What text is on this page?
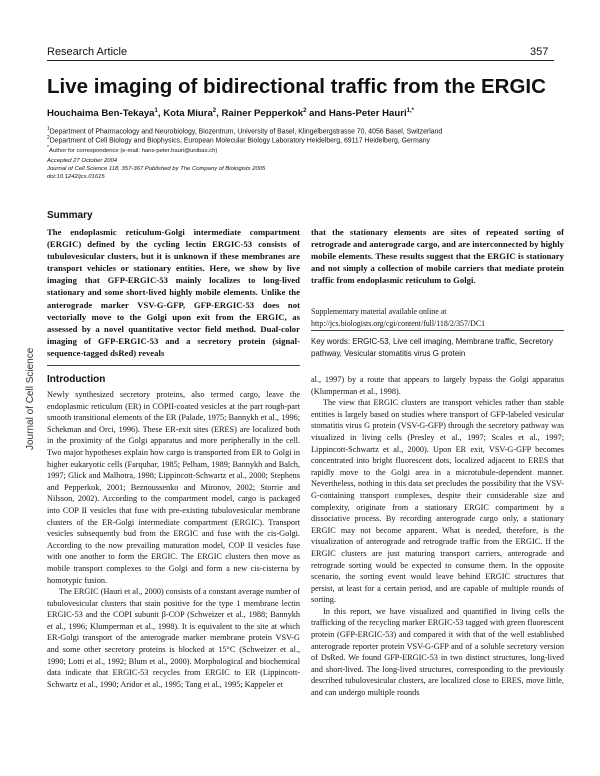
Research Article	357
Live imaging of bidirectional traffic from the ERGIC
Houchaima Ben-Tekaya$^1$, Kota Miura$^2$, Rainer Pepperkok$^2$ and Hans-Peter Hauri$^{1,*}$
$^1$Department of Pharmacology and Neurobiology, Biozentrum, University of Basel, Klingelbergstrasse 70, 4056 Basel, Switzerland
$^2$Department of Cell Biology and Biophysics, European Molecular Biology Laboratory Heidelberg, 69117 Heidelberg, Germany
*Author for correspondence (e-mail: hans-peter.hauri@unibas.ch)
Accepted 27 October 2004
Journal of Cell Science 118, 357-367 Published by The Company of Biologists 2005
doi:10.1242/jcs.01615
Summary
The endoplasmic reticulum-Golgi intermediate compartment (ERGIC) defined by the cycling lectin ERGIC-53 consists of tubulovesicular clusters, but it is unknown if these membranes are transport vehicles or stationary entities. Here, we show by live imaging that GFP-ERGIC-53 mainly localizes to long-lived stationary and some short-lived highly mobile elements. Unlike the anterograde marker VSV-G-GFP, GFP-ERGIC-53 does not vectorially move to the Golgi upon exit from the ERGIC, as assessed by a novel quantitative vector field method. Dual-color imaging of GFP-ERGIC-53 and a secretory protein (signal-sequence-tagged dsRed) reveals
that the stationary elements are sites of repeated sorting of retrograde and anterograde cargo, and are interconnected by highly mobile elements. These results suggest that the ERGIC is stationary and not simply a collection of mobile carriers that mediate protein traffic from endoplasmic reticulum to Golgi.
Supplementary material available online at
http://jcs.biologists.org/cgi/content/full/118/2/357/DC1
Key words: ERGIC-53, Live cell imaging, Membrane traffic, Secretory pathway, Vesicular stomatitis virus G protein
Journal of Cell Science Introduction

Newly synthesized secretory proteins, also termed cargo, leave the endoplasmic reticulum (ER) in COPII-coated vesicles at the part rough-part smooth transitional elements of the ER (Palade, 1975; Bannykh et al., 1996; Schekman and Orci, 1996). These ER-exit sites (ERES) are localized both in the proximity of the Golgi apparatus and more peripherally in the cell. Two major hypotheses explain how cargo is transported from ER to Golgi in higher eukaryotic cells (Farquhar, 1985; Pelham, 1989; Bannykh and Balch, 1997; Glick and Malhotra, 1998; Lippincott-Schwartz et al., 2000; Stephens and Pepperkok, 2001; Beznoussenko and Mironov, 2002; Storrie and Nilsson, 2002). According to the compartment model, cargo is packaged into COP II vesicles that fuse with pre-existing tubulovesicular membrane clusters of the ER-Golgi intermediate compartment (ERGIC). Transport vesicles subsequently bud from the ERGIC and fuse with the cis-Golgi. According to the now prevailing maturation model, COP II vesicles fuse with one another to form the ERGIC. The ERGIC clusters then move as mobile transport complexes to the Golgi and form a new cis-cisterna by homotypic fusion.

The ERGIC (Hauri et al., 2000) consists of a constant average number of tubulovesicular clusters that stain positive for the type 1 membrane lectin ERGIC-53 and the COPI subunit β-COP (Schweizer et al., 1988; Bannykh et al., 1996; Klumperman et al., 1998). It is equivalent to the site at which ER-Golgi transport of the anterograde marker membrane protein VSV-G and some other secretory proteins is blocked at 15°C (Schweizer et al., 1990; Lotti et al., 1992; Blum et al., 2000). Morphological and biochemical data indicate that ERGIC-53 recycles from ERGIC to ER (Lippincott-Schwartz et al., 1990; Aridor et al., 1995; Tang et al., 1995; Kappeler et

al., 1997) by a route that appears to largely bypass the Golgi apparatus (Klumperman et al., 1998).

The view that ERGIC clusters are transport vehicles rather than stable entities is largely based on studies where transport of GFP-labeled vesicular stomatitis virus G protein (VSV-G-GFP) through the secretory pathway was visualized in living cells (Presley et al., 1997; Scales et al., 1997; Lippincott-Schwartz et al., 2000). Upon ER exit, VSV-G-GFP becomes concentrated into bright fluorescent dots, localized adjacent to ERES that rapidly move to the Golgi area in a microtubule-dependent manner. Nevertheless, nothing in this data set precludes the possibility that the VSV-G-containing transport complexes, despite their considerable size and complexity, originate from a stationary ERGIC compartment by a dissociative process. By recording anterograde cargo only, a stationary ERGIC may not become apparent. What is needed, therefore, is the visualization of anterograde and retrograde traffic from the ERGIC. If the ERGIC clusters are just maturing transport carriers, anterograde and retrograde sorting would be expected to consume them. In the opposite scenario, the sorting event would leave behind ERGIC structures that persist, at least for a certain period, and are capable of multiple rounds of sorting.

In this report, we have visualized and quantified in living cells the trafficking of the recycling marker ERGIC-53 tagged with green fluorescent protein (GFP-ERGIC-53) and compared it with that of the well established anterograde reporter protein VSV-G-GFP and of a soluble secretory version of DsRed. We found GFP-ERGIC-53 in two distinct structures, long-lived and short-lived. The long-lived structures, corresponding to the previously described tubulovesicular clusters, are localized close to ERES, move little, and can undergo multiple rounds
